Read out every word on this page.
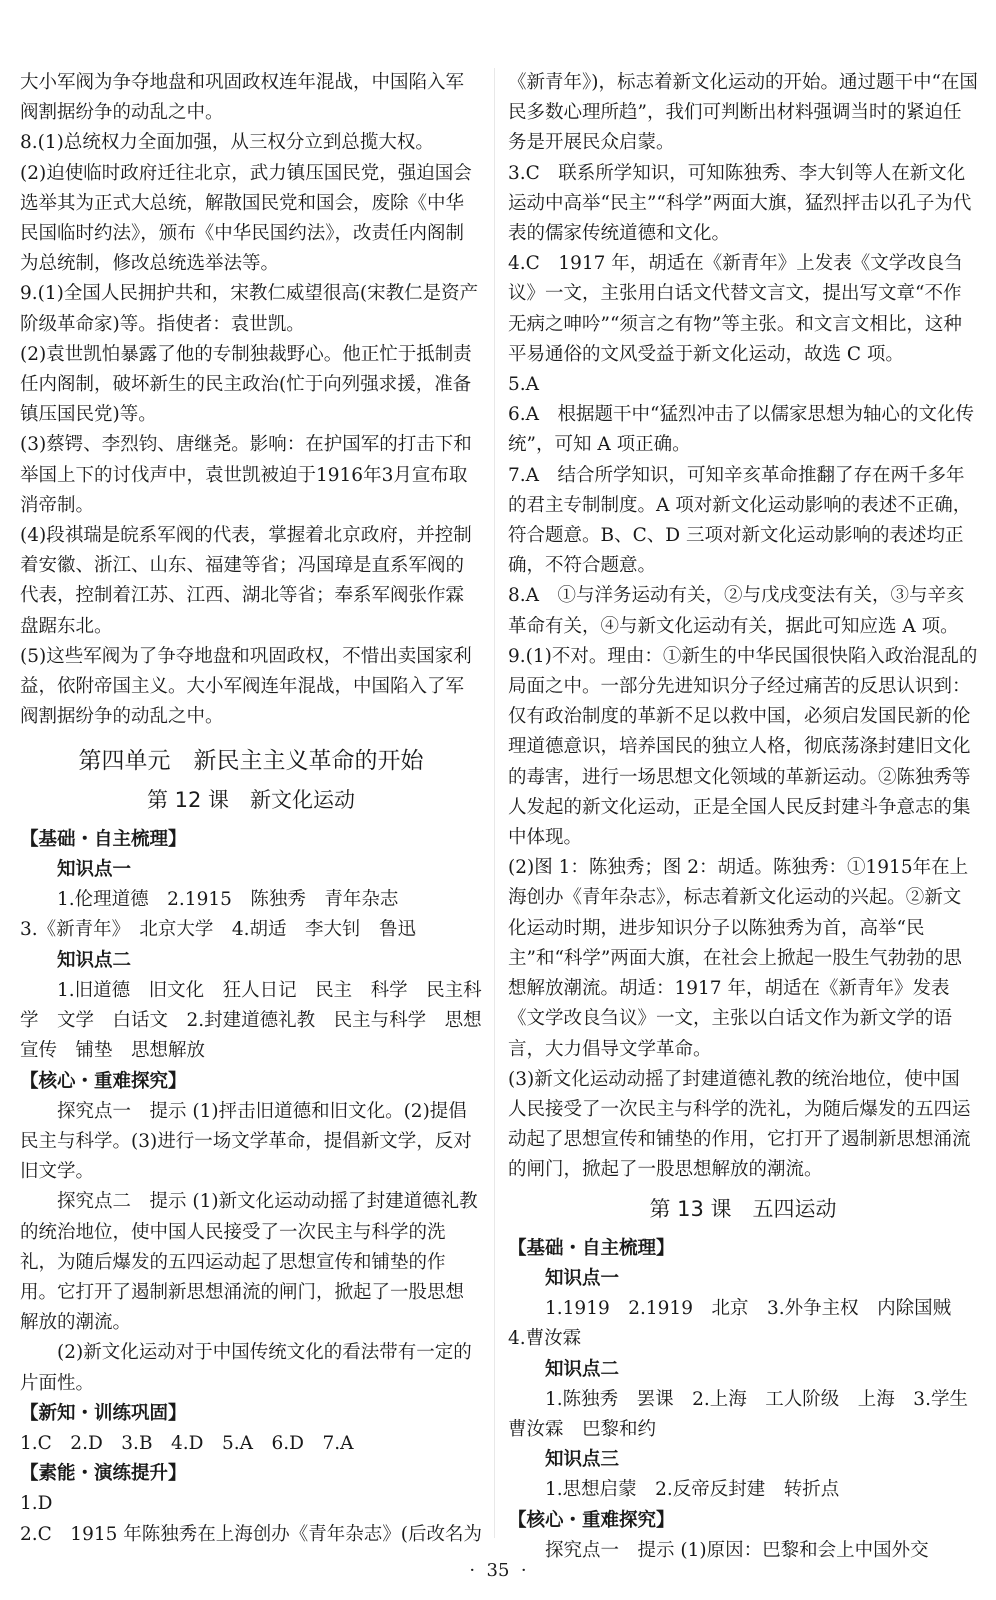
大小军阀为争夺地盘和巩固政权连年混战，中国陷入军阀割据纷争的动乱之中。

8.(1)总统权力全面加强，从三权分立到总揽大权。

(2)迫使临时政府迁往北京，武力镇压国民党，强迫国会选举其为正式大总统，解散国民党和国会，废除《中华民国临时约法》，颁布《中华民国约法》，改责任内阁制为总统制，修改总统选举法等。

9.(1)全国人民拥护共和，宋教仁威望很高(宋教仁是资产阶级革命家)等。指使者：袁世凯。

(2)袁世凯怕暴露了他的专制独裁野心。他正忙于抵制责任内阁制，破坏新生的民主政治(忙于向列强求援，准备镇压国民党)等。

(3)蔡锷、李烈钧、唐继尧。影响：在护国军的打击下和举国上下的讨伐声中，袁世凯被迫于1916年3月宣布取消帝制。

(4)段祺瑞是皖系军阀的代表，掌握着北京政府，并控制着安徽、浙江、山东、福建等省；冯国璋是直系军阀的代表，控制着江苏、江西、湖北等省；奉系军阀张作霖盘踞东北。

(5)这些军阀为了争夺地盘和巩固政权，不惜出卖国家利益，依附帝国主义。大小军阀连年混战，中国陷入了军阀割据纷争的动乱之中。

第四单元　新民主主义革命的开始
第 12 课　新文化运动

【基础・自主梳理】

知识点一

1.伦理道德　2.1915　陈独秀　青年杂志

3.《新青年》　北京大学　4.胡适　李大钊　鲁迅

知识点二

1.旧道德　旧文化　狂人日记　民主　科学　民主科学　文学　白话文　2.封建道德礼教　民主与科学　思想宣传　铺垫　思想解放

【核心・重难探究】

探究点一　提示 (1)抨击旧道德和旧文化。(2)提倡民主与科学。(3)进行一场文学革命，提倡新文学，反对旧文学。

探究点二　提示 (1)新文化运动动摇了封建道德礼教的统治地位，使中国人民接受了一次民主与科学的洗礼，为随后爆发的五四运动起了思想宣传和铺垫的作用。它打开了遏制新思想涌流的闸门，掀起了一股思想解放的潮流。

(2)新文化运动对于中国传统文化的看法带有一定的片面性。

【新知・训练巩固】

1.C　2.D　3.B　4.D　5.A　6.D　7.A

【素能・演练提升】

1.D

2.C　1915 年陈独秀在上海创办《青年杂志》(后改名为

《新青年》)，标志着新文化运动的开始。通过题干中“在国民多数心理所趋”，我们可判断出材料强调当时的紧迫任务是开展民众启蒙。

3.C　联系所学知识，可知陈独秀、李大钊等人在新文化运动中高举“民主”“科学”两面大旗，猛烈抨击以孔子为代表的儒家传统道德和文化。

4.C　1917 年，胡适在《新青年》上发表《文学改良刍议》一文，主张用白话文代替文言文，提出写文章“不作无病之呻吟”“须言之有物”等主张。和文言文相比，这种平易通俗的文风受益于新文化运动，故选 C 项。

5.A

6.A　根据题干中“猛烈冲击了以儒家思想为轴心的文化传统”，可知 A 项正确。

7.A　结合所学知识，可知辛亥革命推翻了存在两千多年的君主专制制度。A 项对新文化运动影响的表述不正确，符合题意。B、C、D 三项对新文化运动影响的表述均正确，不符合题意。

8.A　①与洋务运动有关，②与戊戌变法有关，③与辛亥革命有关，④与新文化运动有关，据此可知应选 A 项。

9.(1)不对。理由：①新生的中华民国很快陷入政治混乱的局面之中。一部分先进知识分子经过痛苦的反思认识到：仅有政治制度的革新不足以救中国，必须启发国民新的伦理道德意识，培养国民的独立人格，彻底荡涤封建旧文化的毒害，进行一场思想文化领域的革新运动。②陈独秀等人发起的新文化运动，正是全国人民反封建斗争意志的集中体现。

(2)图 1：陈独秀；图 2：胡适。陈独秀：①1915年在上海创办《青年杂志》，标志着新文化运动的兴起。②新文化运动时期，进步知识分子以陈独秀为首，高举“民主”和“科学”两面大旗，在社会上掀起一股生气勃勃的思想解放潮流。胡适：1917 年，胡适在《新青年》发表《文学改良刍议》一文，主张以白话文作为新文学的语言，大力倡导文学革命。

(3)新文化运动动摇了封建道德礼教的统治地位，使中国人民接受了一次民主与科学的洗礼，为随后爆发的五四运动起了思想宣传和铺垫的作用，它打开了遏制新思想涌流的闸门，掀起了一股思想解放的潮流。

第 13 课　五四运动

【基础・自主梳理】

知识点一

1.1919　2.1919　北京　3.外争主权　内除国贼　4.曹汝霖

知识点二

1.陈独秀　罢课　2.上海　工人阶级　上海　3.学生　曹汝霖　巴黎和约

知识点三

1.思想启蒙　2.反帝反封建　转折点

【核心・重难探究】

探究点一　提示 (1)原因：巴黎和会上中国外交

·  35  ·
